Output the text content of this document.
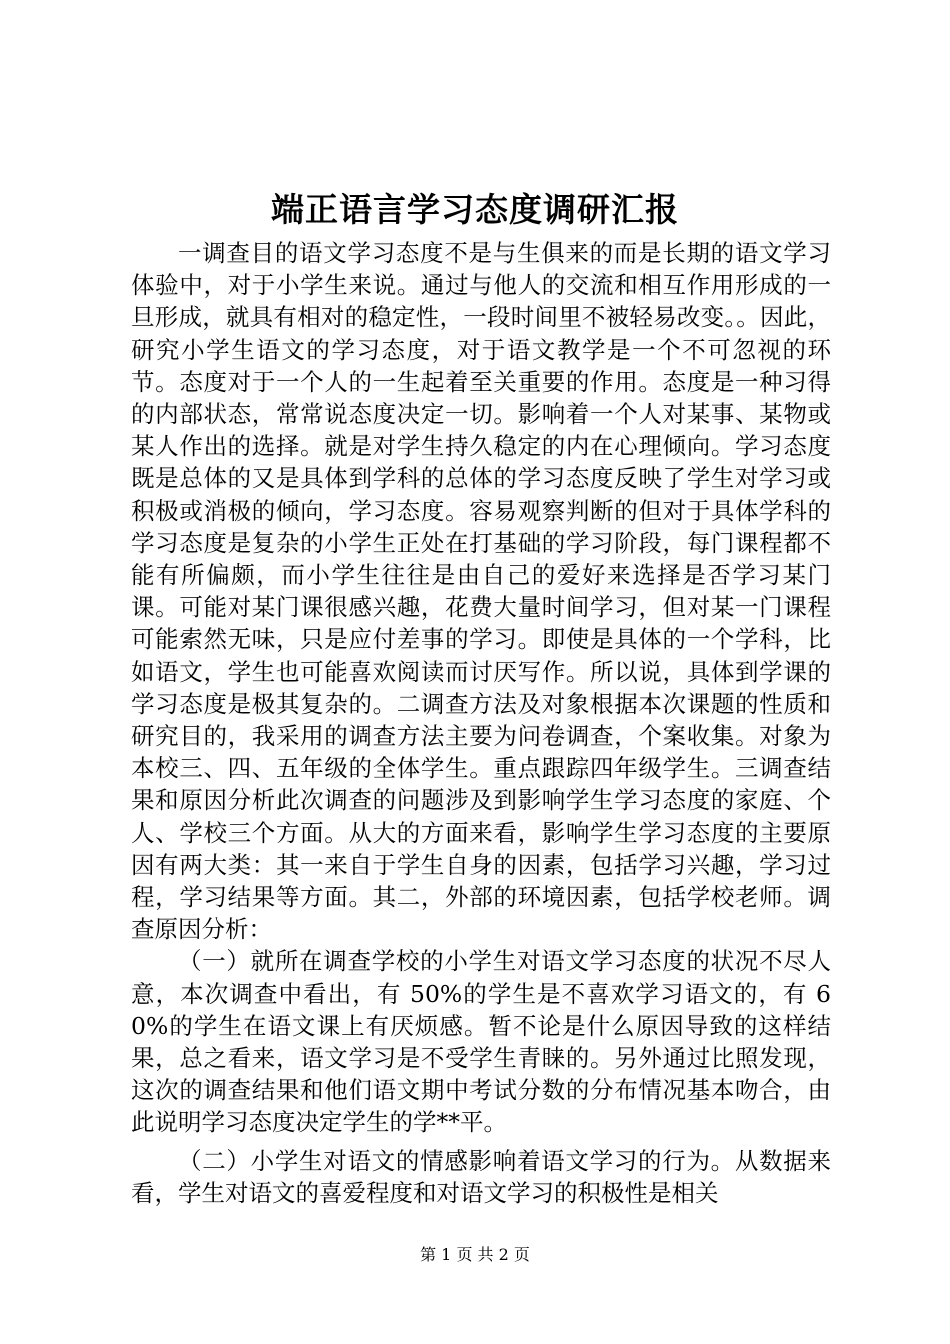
端正语言学习态度调研汇报

一调查目的语文学习态度不是与生俱来的而是长期的语文学习体验中，对于小学生来说。通过与他人的交流和相互作用形成的一旦形成，就具有相对的稳定性，一段时间里不被轻易改变。。因此，研究小学生语文的学习态度，对于语文教学是一个不可忽视的环节。态度对于一个人的一生起着至关重要的作用。态度是一种习得的内部状态，常常说态度决定一切。影响着一个人对某事、某物或某人作出的选择。就是对学生持久稳定的内在心理倾向。学习态度既是总体的又是具体到学科的总体的学习态度反映了学生对学习或积极或消极的倾向，学习态度。容易观察判断的但对于具体学科的学习态度是复杂的小学生正处在打基础的学习阶段，每门课程都不能有所偏颇，而小学生往往是由自己的爱好来选择是否学习某门课。可能对某门课很感兴趣，花费大量时间学习，但对某一门课程可能索然无味，只是应付差事的学习。即使是具体的一个学科，比如语文，学生也可能喜欢阅读而讨厌写作。所以说，具体到学课的学习态度是极其复杂的。二调查方法及对象根据本次课题的性质和研究目的，我采用的调查方法主要为问卷调查，个案收集。对象为本校三、四、五年级的全体学生。重点跟踪四年级学生。三调查结果和原因分析此次调查的问题涉及到影响学生学习态度的家庭、个人、学校三个方面。从大的方面来看，影响学生学习态度的主要原因有两大类：其一来自于学生自身的因素，包括学习兴趣，学习过程，学习结果等方面。其二，外部的环境因素，包括学校老师。调查原因分析：

（一）就所在调查学校的小学生对语文学习态度的状况不尽人意，本次调查中看出，有 50%的学生是不喜欢学习语文的，有 60%的学生在语文课上有厌烦感。暂不论是什么原因导致的这样结果，总之看来，语文学习是不受学生青睐的。另外通过比照发现，这次的调查结果和他们语文期中考试分数的分布情况基本吻合，由此说明学习态度决定学生的学**平。

（二）小学生对语文的情感影响着语文学习的行为。从数据来看，学生对语文的喜爱程度和对语文学习的积极性是相关

第 1 页 共 2 页
